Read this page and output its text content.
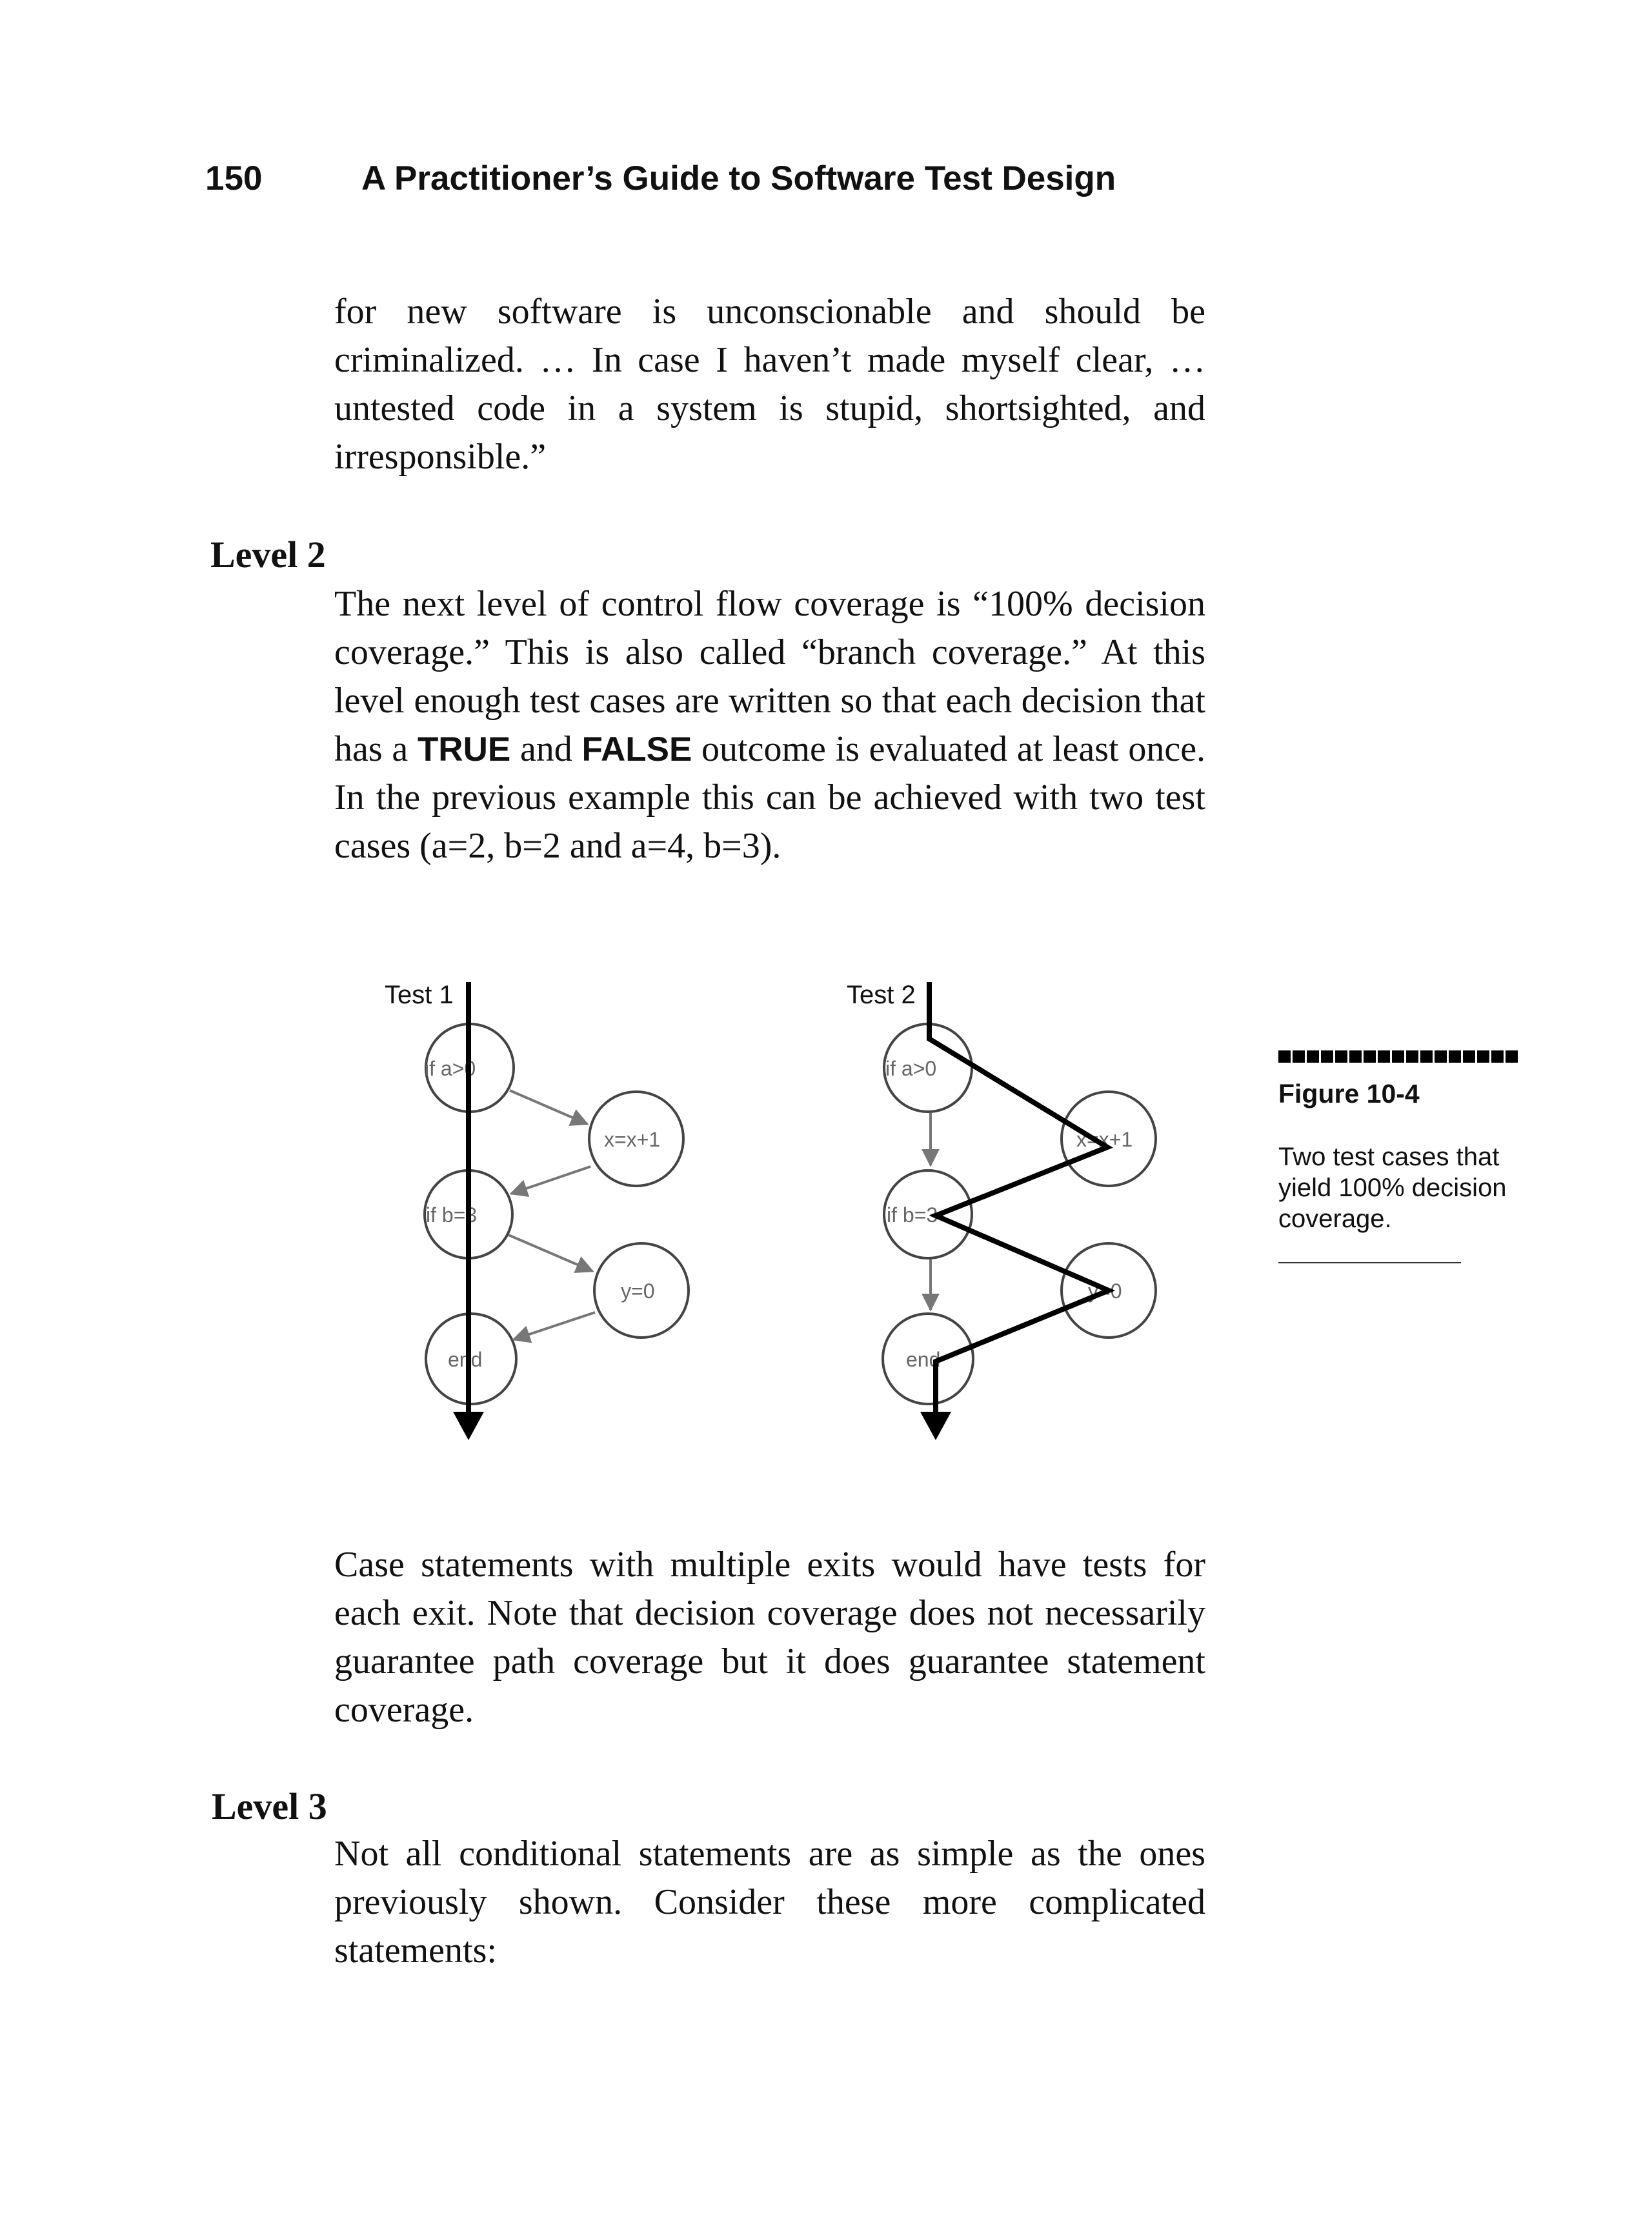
150	A Practitioner’s Guide to Software Test Design

for new software is unconscionable and should be criminalized. … In case I haven’t made myself clear, … untested code in a system is stupid, shortsighted, and irresponsible.”

Level 2

The next level of control flow coverage is “100% decision coverage.” This is also called “branch coverage.” At this level enough test cases are written so that each decision that has a TRUE and FALSE outcome is evaluated at least once. In the previous example this can be achieved with two test cases (a=2, b=2 and a=4, b=3).

if a>0
x=x+1
if b=3
y=0
end
Test 1
if a>0
x=x+1
if b=3
y=0
end
Test 2
Figure 10-4

Two test cases that yield 100% decision coverage.

Case statements with multiple exits would have tests for each exit. Note that decision coverage does not necessarily guarantee path coverage but it does guarantee statement coverage.

Level 3

Not all conditional statements are as simple as the ones previously shown. Consider these more complicated statements:
